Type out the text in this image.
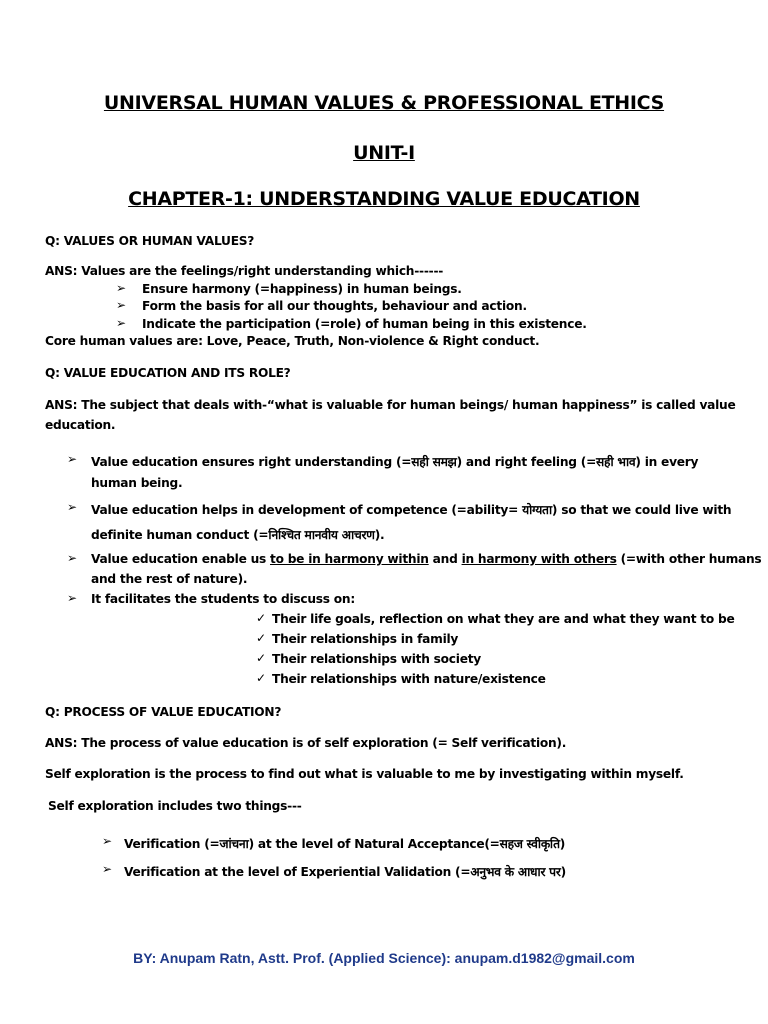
UNIVERSAL HUMAN VALUES & PROFESSIONAL ETHICS
UNIT-I
CHAPTER-1: UNDERSTANDING VALUE EDUCATION

Q: VALUES OR HUMAN VALUES?

ANS: Values are the feelings/right understanding which------

➢ Ensure harmony (=happiness) in human beings.

➢ Form the basis for all our thoughts, behaviour and action.

➢ Indicate the participation (=role) of human being in this existence.

Core human values are: Love, Peace, Truth, Non-violence & Right conduct.

Q: VALUE EDUCATION AND ITS ROLE?

ANS: The subject that deals with-“what is valuable for human beings/ human happiness” is called value

education.

➢ Value education ensures right understanding (=सही समझ) and right feeling (=सही भाव) in every

human being.

➢ Value education helps in development of competence (=ability= योग्यता) so that we could live with

definite human conduct (=निश्चित मानवीय आचरण).

➢ Value education enable us to be in harmony within and in harmony with others (=with other humans

and the rest of nature).

➢ It facilitates the students to discuss on:

✓ Their life goals, reflection on what they are and what they want to be

✓ Their relationships in family

✓ Their relationships with society

✓ Their relationships with nature/existence

Q: PROCESS OF VALUE EDUCATION?

ANS: The process of value education is of self exploration (= Self verification).

Self exploration is the process to find out what is valuable to me by investigating within myself.

Self exploration includes two things---

➢ Verification (=जांचना) at the level of Natural Acceptance(=सहज स्वीकृति)

➢ Verification at the level of Experiential Validation (=अनुभव के आधार पर)

BY: Anupam Ratn, Astt. Prof. (Applied Science): anupam.d1982@gmail.com
